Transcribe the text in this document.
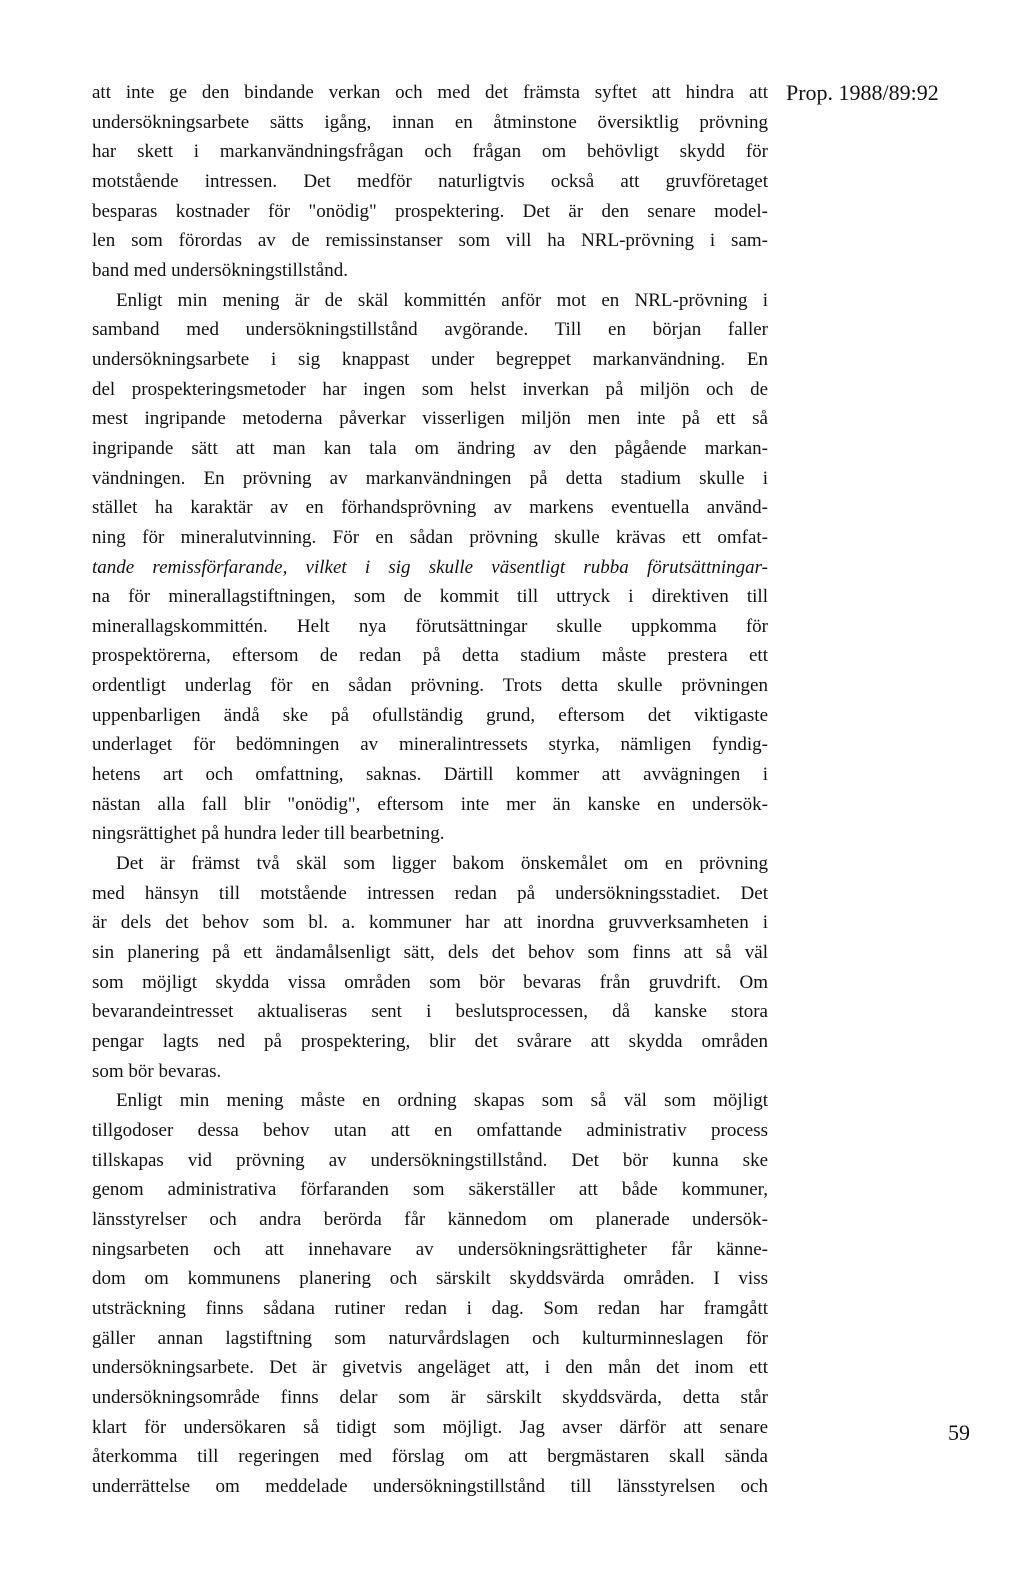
Prop. 1988/89:92
att inte ge den bindande verkan och med det främsta syftet att hindra att
undersökningsarbete sätts igång, innan en åtminstone översiktlig prövning
har skett i markanvändningsfrågan och frågan om behövligt skydd för
motstående intressen. Det medför naturligtvis också att gruvföretaget
besparas kostnader för "onödig" prospektering. Det är den senare model-
len som förordas av de remissinstanser som vill ha NRL-prövning i sam-
band med undersökningstillstånd.
Enligt min mening är de skäl kommittén anför mot en NRL-prövning i
samband med undersökningstillstånd avgörande. Till en början faller
undersökningsarbete i sig knappast under begreppet markanvändning. En
del prospekteringsmetoder har ingen som helst inverkan på miljön och de
mest ingripande metoderna påverkar visserligen miljön men inte på ett så
ingripande sätt att man kan tala om ändring av den pågående markan-
vändningen. En prövning av markanvändningen på detta stadium skulle i
stället ha karaktär av en förhandsprövning av markens eventuella använd-
ning för mineralutvinning. För en sådan prövning skulle krävas ett omfat-
tande remissförfarande, vilket i sig skulle väsentligt rubba förutsättningar-
na för minerallagstiftningen, som de kommit till uttryck i direktiven till
minerallagskommittén. Helt nya förutsättningar skulle uppkomma för
prospektörerna, eftersom de redan på detta stadium måste prestera ett
ordentligt underlag för en sådan prövning. Trots detta skulle prövningen
uppenbarligen ändå ske på ofullständig grund, eftersom det viktigaste
underlaget för bedömningen av mineralintressets styrka, nämligen fyndig-
hetens art och omfattning, saknas. Därtill kommer att avvägningen i
nästan alla fall blir "onödig", eftersom inte mer än kanske en undersök-
ningsrättighet på hundra leder till bearbetning.
Det är främst två skäl som ligger bakom önskemålet om en prövning
med hänsyn till motstående intressen redan på undersökningsstadiet. Det
är dels det behov som bl. a. kommuner har att inordna gruvverksamheten i
sin planering på ett ändamålsenligt sätt, dels det behov som finns att så väl
som möjligt skydda vissa områden som bör bevaras från gruvdrift. Om
bevarandeintresset aktualiseras sent i beslutsprocessen, då kanske stora
pengar lagts ned på prospektering, blir det svårare att skydda områden
som bör bevaras.
Enligt min mening måste en ordning skapas som så väl som möjligt
tillgodoser dessa behov utan att en omfattande administrativ process
tillskapas vid prövning av undersökningstillstånd. Det bör kunna ske
genom administrativa förfaranden som säkerställer att både kommuner,
länsstyrelser och andra berörda får kännedom om planerade undersök-
ningsarbeten och att innehavare av undersökningsrättigheter får känne-
dom om kommunens planering och särskilt skyddsvärda områden. I viss
utsträckning finns sådana rutiner redan i dag. Som redan har framgått
gäller annan lagstiftning som naturvårdslagen och kulturminneslagen för
undersökningsarbete. Det är givetvis angeläget att, i den mån det inom ett
undersökningsområde finns delar som är särskilt skyddsvärda, detta står
klart för undersökaren så tidigt som möjligt. Jag avser därför att senare
återkomma till regeringen med förslag om att bergmästaren skall sända
underrättelse om meddelade undersökningstillstånd till länsstyrelsen och
59
